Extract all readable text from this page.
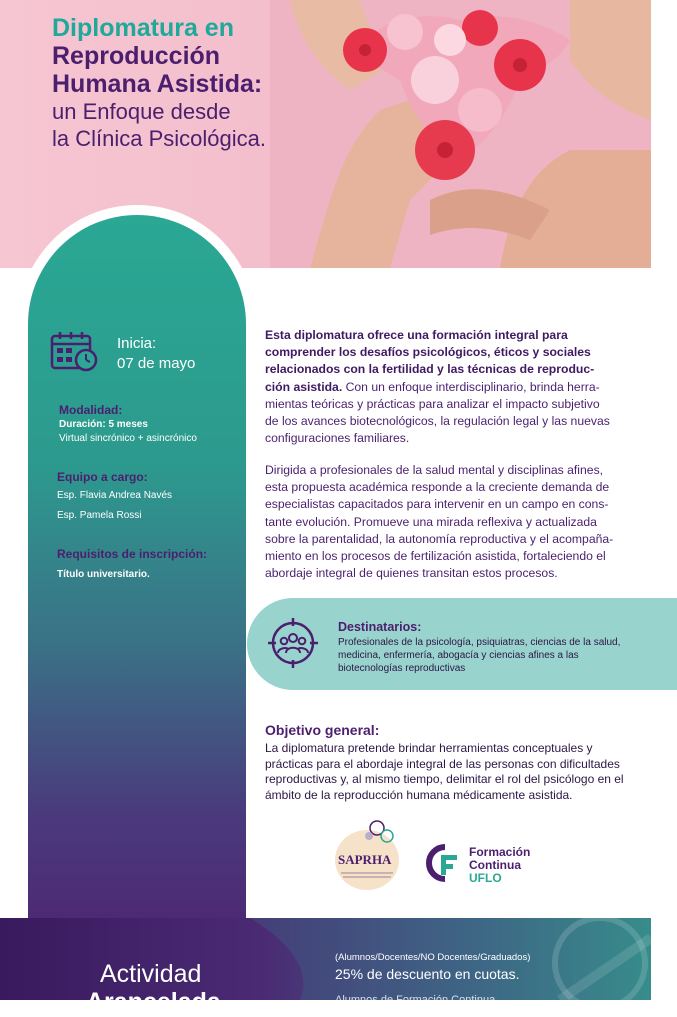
Diplomatura en
Reproducción
Humana Asistida:
un Enfoque desde
la Clínica Psicológica.
Inicia:
07 de mayo
Modalidad:
Duración: 5 meses
Virtual sincrónico + asincrónico
Equipo a cargo:
Esp. Flavia Andrea Navés
Esp. Pamela Rossi
Requisitos de inscripción:
Título universitario.
Esta diplomatura ofrece una formación integral para
comprender los desafíos psicológicos, éticos y sociales
relacionados con la fertilidad y las técnicas de reproduc-
ción asistida. Con un enfoque interdisciplinario, brinda herra-
mientas teóricas y prácticas para analizar el impacto subjetivo
de los avances biotecnológicos, la regulación legal y las nuevas
configuraciones familiares.
Dirigida a profesionales de la salud mental y disciplinas afines,
esta propuesta académica responde a la creciente demanda de
especialistas capacitados para intervenir en un campo en cons-
tante evolución. Promueve una mirada reflexiva y actualizada
sobre la parentalidad, la autonomía reproductiva y el acompaña-
miento en los procesos de fertilización asistida, fortaleciendo el
abordaje integral de quienes transitan estos procesos.
Destinatarios:
Profesionales de la psicología, psiquiatras, ciencias de la salud, medicina, enfermería, abogacía y ciencias afines a las biotecnologías reproductivas
Objetivo general:
La diplomatura pretende brindar herramientas conceptuales y prácticas para el abordaje integral de las personas con dificultades reproductivas y, al mismo tiempo, delimitar el rol del psicólogo en el ámbito de la reproducción humana médicamente asistida.
SAPRHA	Formación
Continua
UFLO
Actividad
Arancelada
(Alumnos/Docentes/NO Docentes/Graduados)
25% de descuento en cuotas.
Alumnos de Formación Continua
